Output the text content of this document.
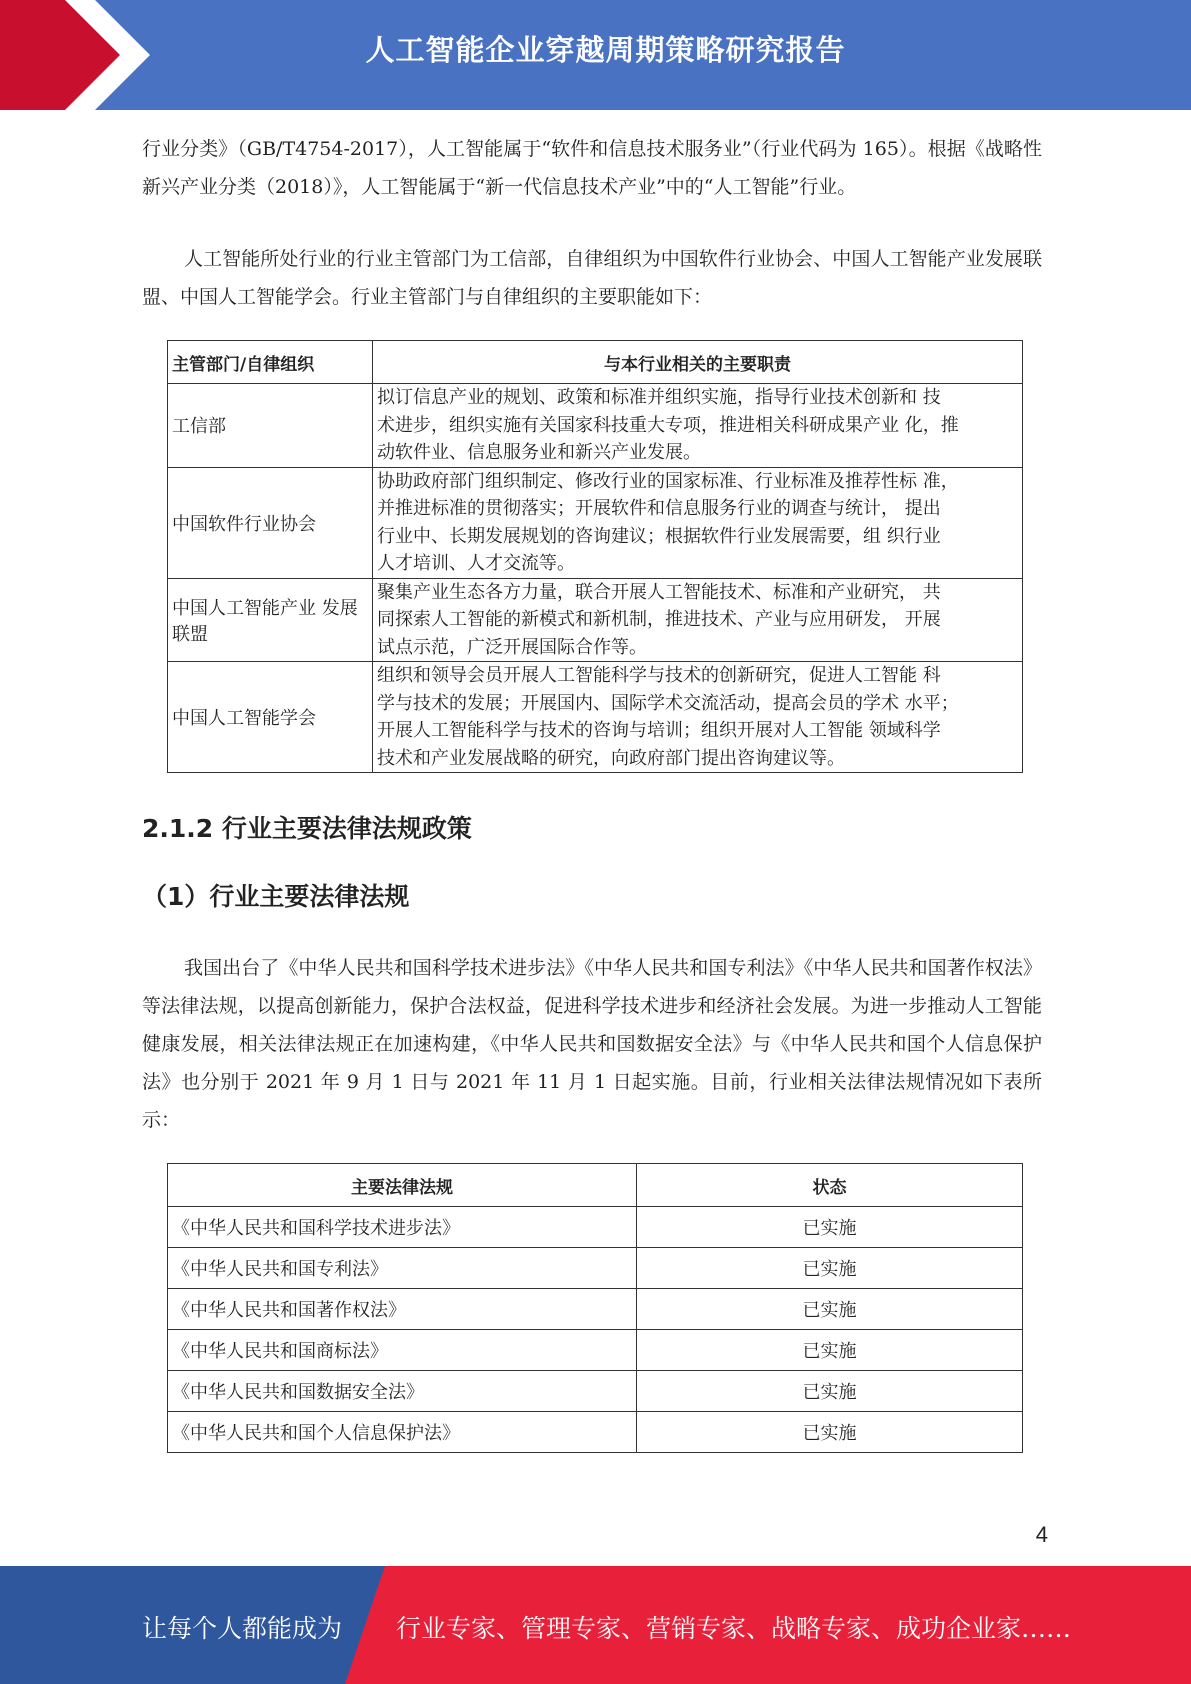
人工智能企业穿越周期策略研究报告

行业分类》（GB/T4754-2017），人工智能属于“软件和信息技术服务业”（行业代码为 165）。根据《战略性新兴产业分类（2018）》，人工智能属于“新一代信息技术产业”中的“人工智能”行业。

人工智能所处行业的行业主管部门为工信部，自律组织为中国软件行业协会、中国人工智能产业发展联盟、中国人工智能学会。行业主管部门与自律组织的主要职能如下：

主管部门/自律组织	与本行业相关的主要职责
工信部	拟订信息产业的规划、政策和标准并组织实施，指导行业技术创新和 技
术进步，组织实施有关国家科技重大专项，推进相关科研成果产业 化，推
动软件业、信息服务业和新兴产业发展。

中国软件行业协会	协助政府部门组织制定、修改行业的国家标准、行业标准及推荐性标 准，
并推进标准的贯彻落实；开展软件和信息服务行业的调查与统计， 提出
行业中、长期发展规划的咨询建议；根据软件行业发展需要，组 织行业
人才培训、人才交流等。

中国人工智能产业 发展联盟	聚集产业生态各方力量，联合开展人工智能技术、标准和产业研究， 共
同探索人工智能的新模式和新机制，推进技术、产业与应用研发， 开展
试点示范，广泛开展国际合作等。

中国人工智能学会	组织和领导会员开展人工智能科学与技术的创新研究，促进人工智能 科
学与技术的发展；开展国内、国际学术交流活动，提高会员的学术 水平；
开展人工智能科学与技术的咨询与培训；组织开展对人工智能 领域科学
技术和产业发展战略的研究，向政府部门提出咨询建议等。
2.1.2 行业主要法律法规政策
（1）行业主要法律法规

我国出台了《中华人民共和国科学技术进步法》《中华人民共和国专利法》《中华人民共和国著作权法》等法律法规，以提高创新能力，保护合法权益，促进科学技术进步和经济社会发展。为进一步推动人工智能健康发展，相关法律法规正在加速构建，《中华人民共和国数据安全法》与《中华人民共和国个人信息保护法》也分别于 2021 年 9 月 1 日与 2021 年 11 月 1 日起实施。目前，行业相关法律法规情况如下表所示：

主要法律法规	状态
《中华人民共和国科学技术进步法》	已实施
《中华人民共和国专利法》	已实施
《中华人民共和国著作权法》	已实施
《中华人民共和国商标法》	已实施
《中华人民共和国数据安全法》	已实施
《中华人民共和国个人信息保护法》	已实施
4
让每个人都能成为 行业专家、管理专家、营销专家、战略专家、成功企业家……
